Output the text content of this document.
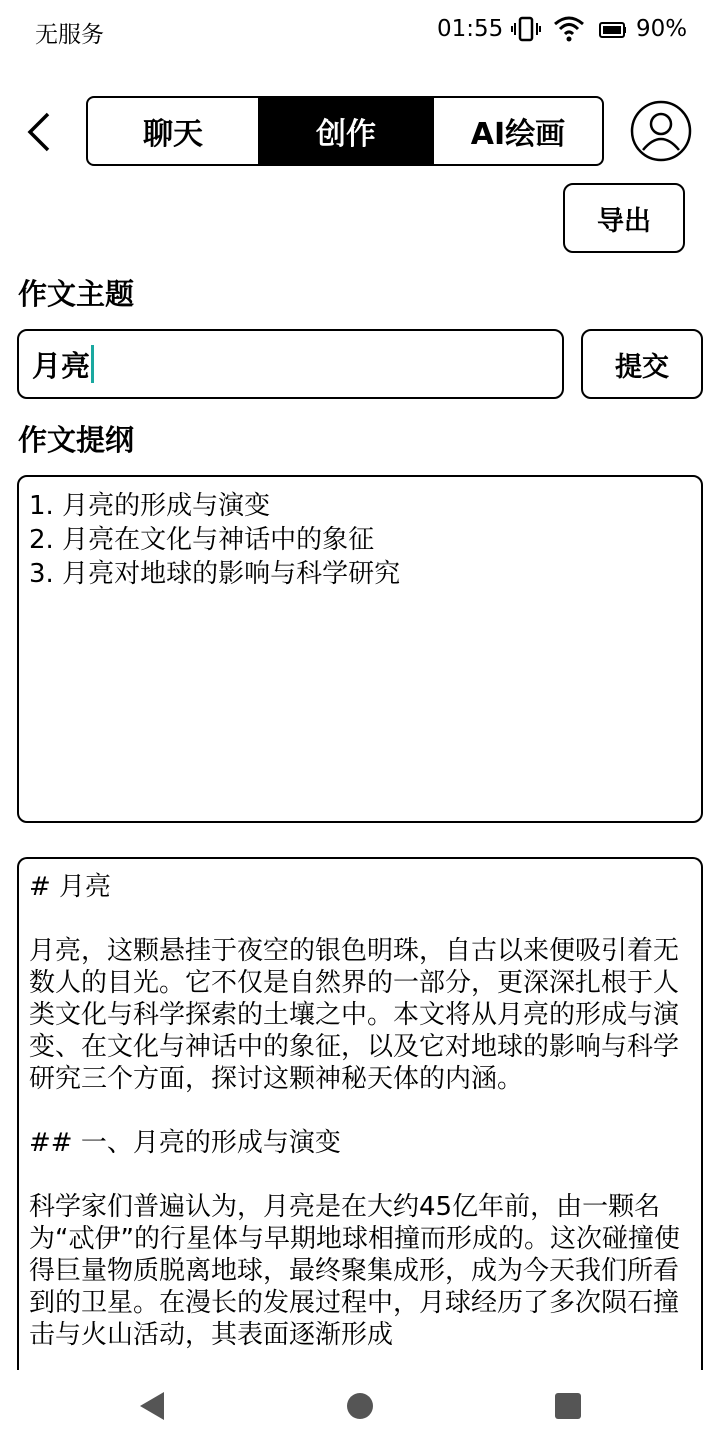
无服务	01:55	90%
聊天	创作	AI绘画
导出
作文主题
月亮	提交
作文提纲
1. 月亮的形成与演变
2. 月亮在文化与神话中的象征
3. 月亮对地球的影响与科学研究

# 月亮

月亮，这颗悬挂于夜空的银色明珠，自古以来便吸引着无数人的目光。它不仅是自然界的一部分，更深深扎根于人类文化与科学探索的土壤之中。本文将从月亮的形成与演变、在文化与神话中的象征，以及它对地球的影响与科学研究三个方面，探讨这颗神秘天体的内涵。

## 一、月亮的形成与演变

科学家们普遍认为，月亮是在大约45亿年前，由一颗名为“忒伊”的行星体与早期地球相撞而形成的。这次碰撞使得巨量物质脱离地球，最终聚集成形，成为今天我们所看到的卫星。在漫长的发展过程中，月球经历了多次陨石撞击与火山活动，其表面逐渐形成
